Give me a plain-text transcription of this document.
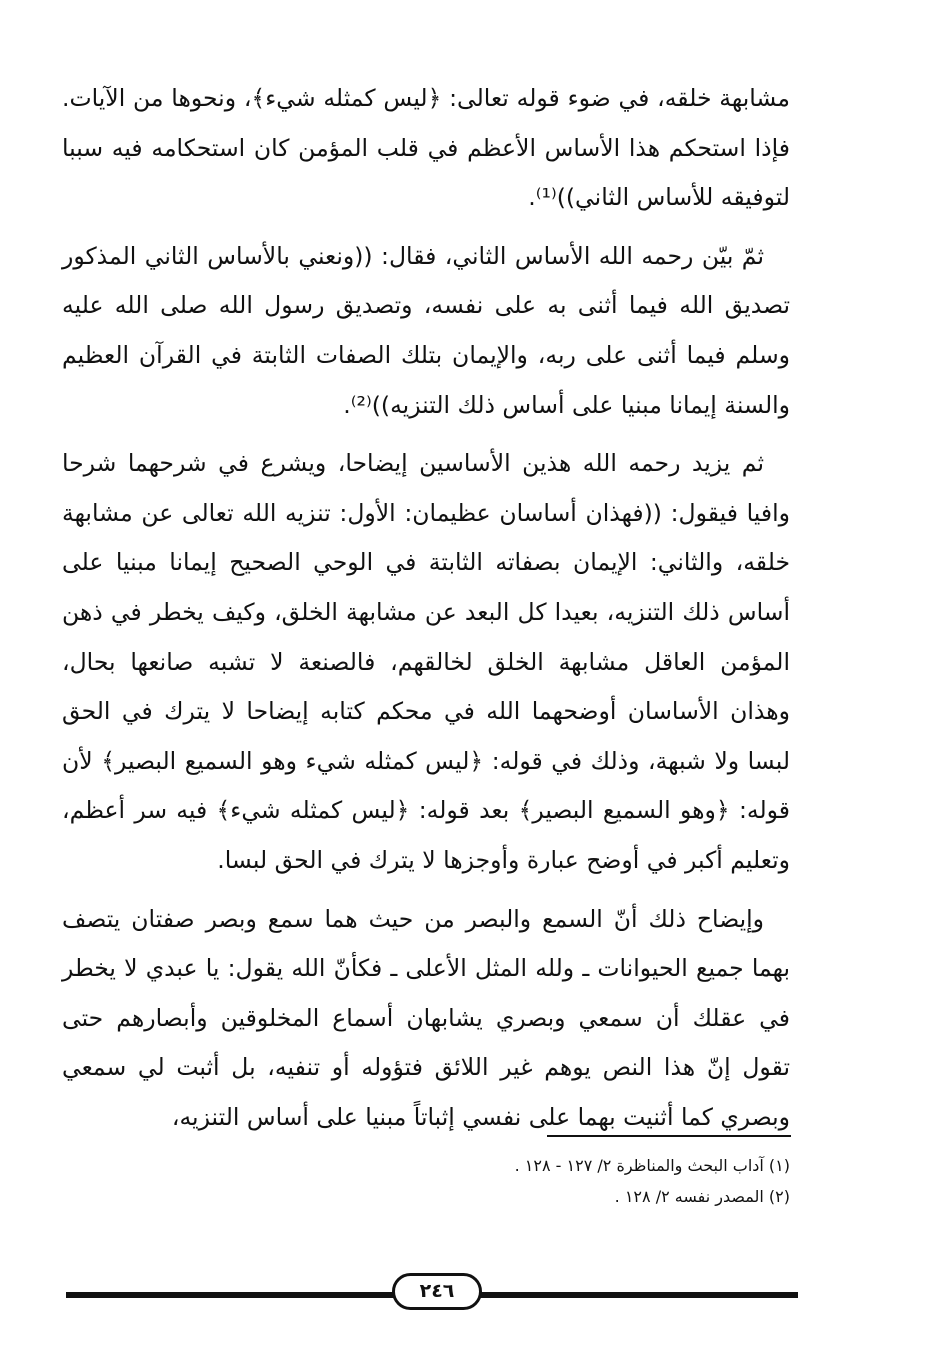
مشابهة خلقه، في ضوء قوله تعالى: ﴿ليس كمثله شيء﴾، ونحوها من الآيات. فإذا استحكم هذا الأساس الأعظم في قلب المؤمن كان استحكامه فيه سببا لتوفيقه للأساس الثاني))⁽¹⁾.

ثمّ بيّن رحمه الله الأساس الثاني، فقال: ((ونعني بالأساس الثاني المذكور تصديق الله فيما أثنى به على نفسه، وتصديق رسول الله صلى الله عليه وسلم فيما أثنى على ربه، والإيمان بتلك الصفات الثابتة في القرآن العظيم والسنة إيمانا مبنيا على أساس ذلك التنزيه))⁽²⁾.

ثم يزيد رحمه الله هذين الأساسين إيضاحا، ويشرع في شرحهما شرحا وافيا فيقول: ((فهذان أساسان عظيمان: الأول: تنزيه الله تعالى عن مشابهة خلقه، والثاني: الإيمان بصفاته الثابتة في الوحي الصحيح إيمانا مبنيا على أساس ذلك التنزيه، بعيدا كل البعد عن مشابهة الخلق، وكيف يخطر في ذهن المؤمن العاقل مشابهة الخلق لخالقهم، فالصنعة لا تشبه صانعها بحال، وهذان الأساسان أوضحهما الله في محكم كتابه إيضاحا لا يترك في الحق لبسا ولا شبهة، وذلك في قوله: ﴿ليس كمثله شيء وهو السميع البصير﴾ لأن قوله: ﴿وهو السميع البصير﴾ بعد قوله: ﴿ليس كمثله شيء﴾ فيه سر أعظم، وتعليم أكبر في أوضح عبارة وأوجزها لا يترك في الحق لبسا.

وإيضاح ذلك أنّ السمع والبصر من حيث هما سمع وبصر صفتان يتصف بهما جميع الحيوانات ـ ولله المثل الأعلى ـ فكأنّ الله يقول: يا عبدي لا يخطر في عقلك أن سمعي وبصري يشابهان أسماع المخلوقين وأبصارهم حتى تقول إنّ هذا النص يوهم غير اللائق فتؤوله أو تنفيه، بل أثبت لي سمعي وبصري كما أثنيت بهما على نفسي إثباتاً مبنيا على أساس التنزيه،

(١) آداب البحث والمناظرة ٢/ ١٢٧ - ١٢٨ .

(٢) المصدر نفسه ٢/ ١٢٨ .

٢٤٦
